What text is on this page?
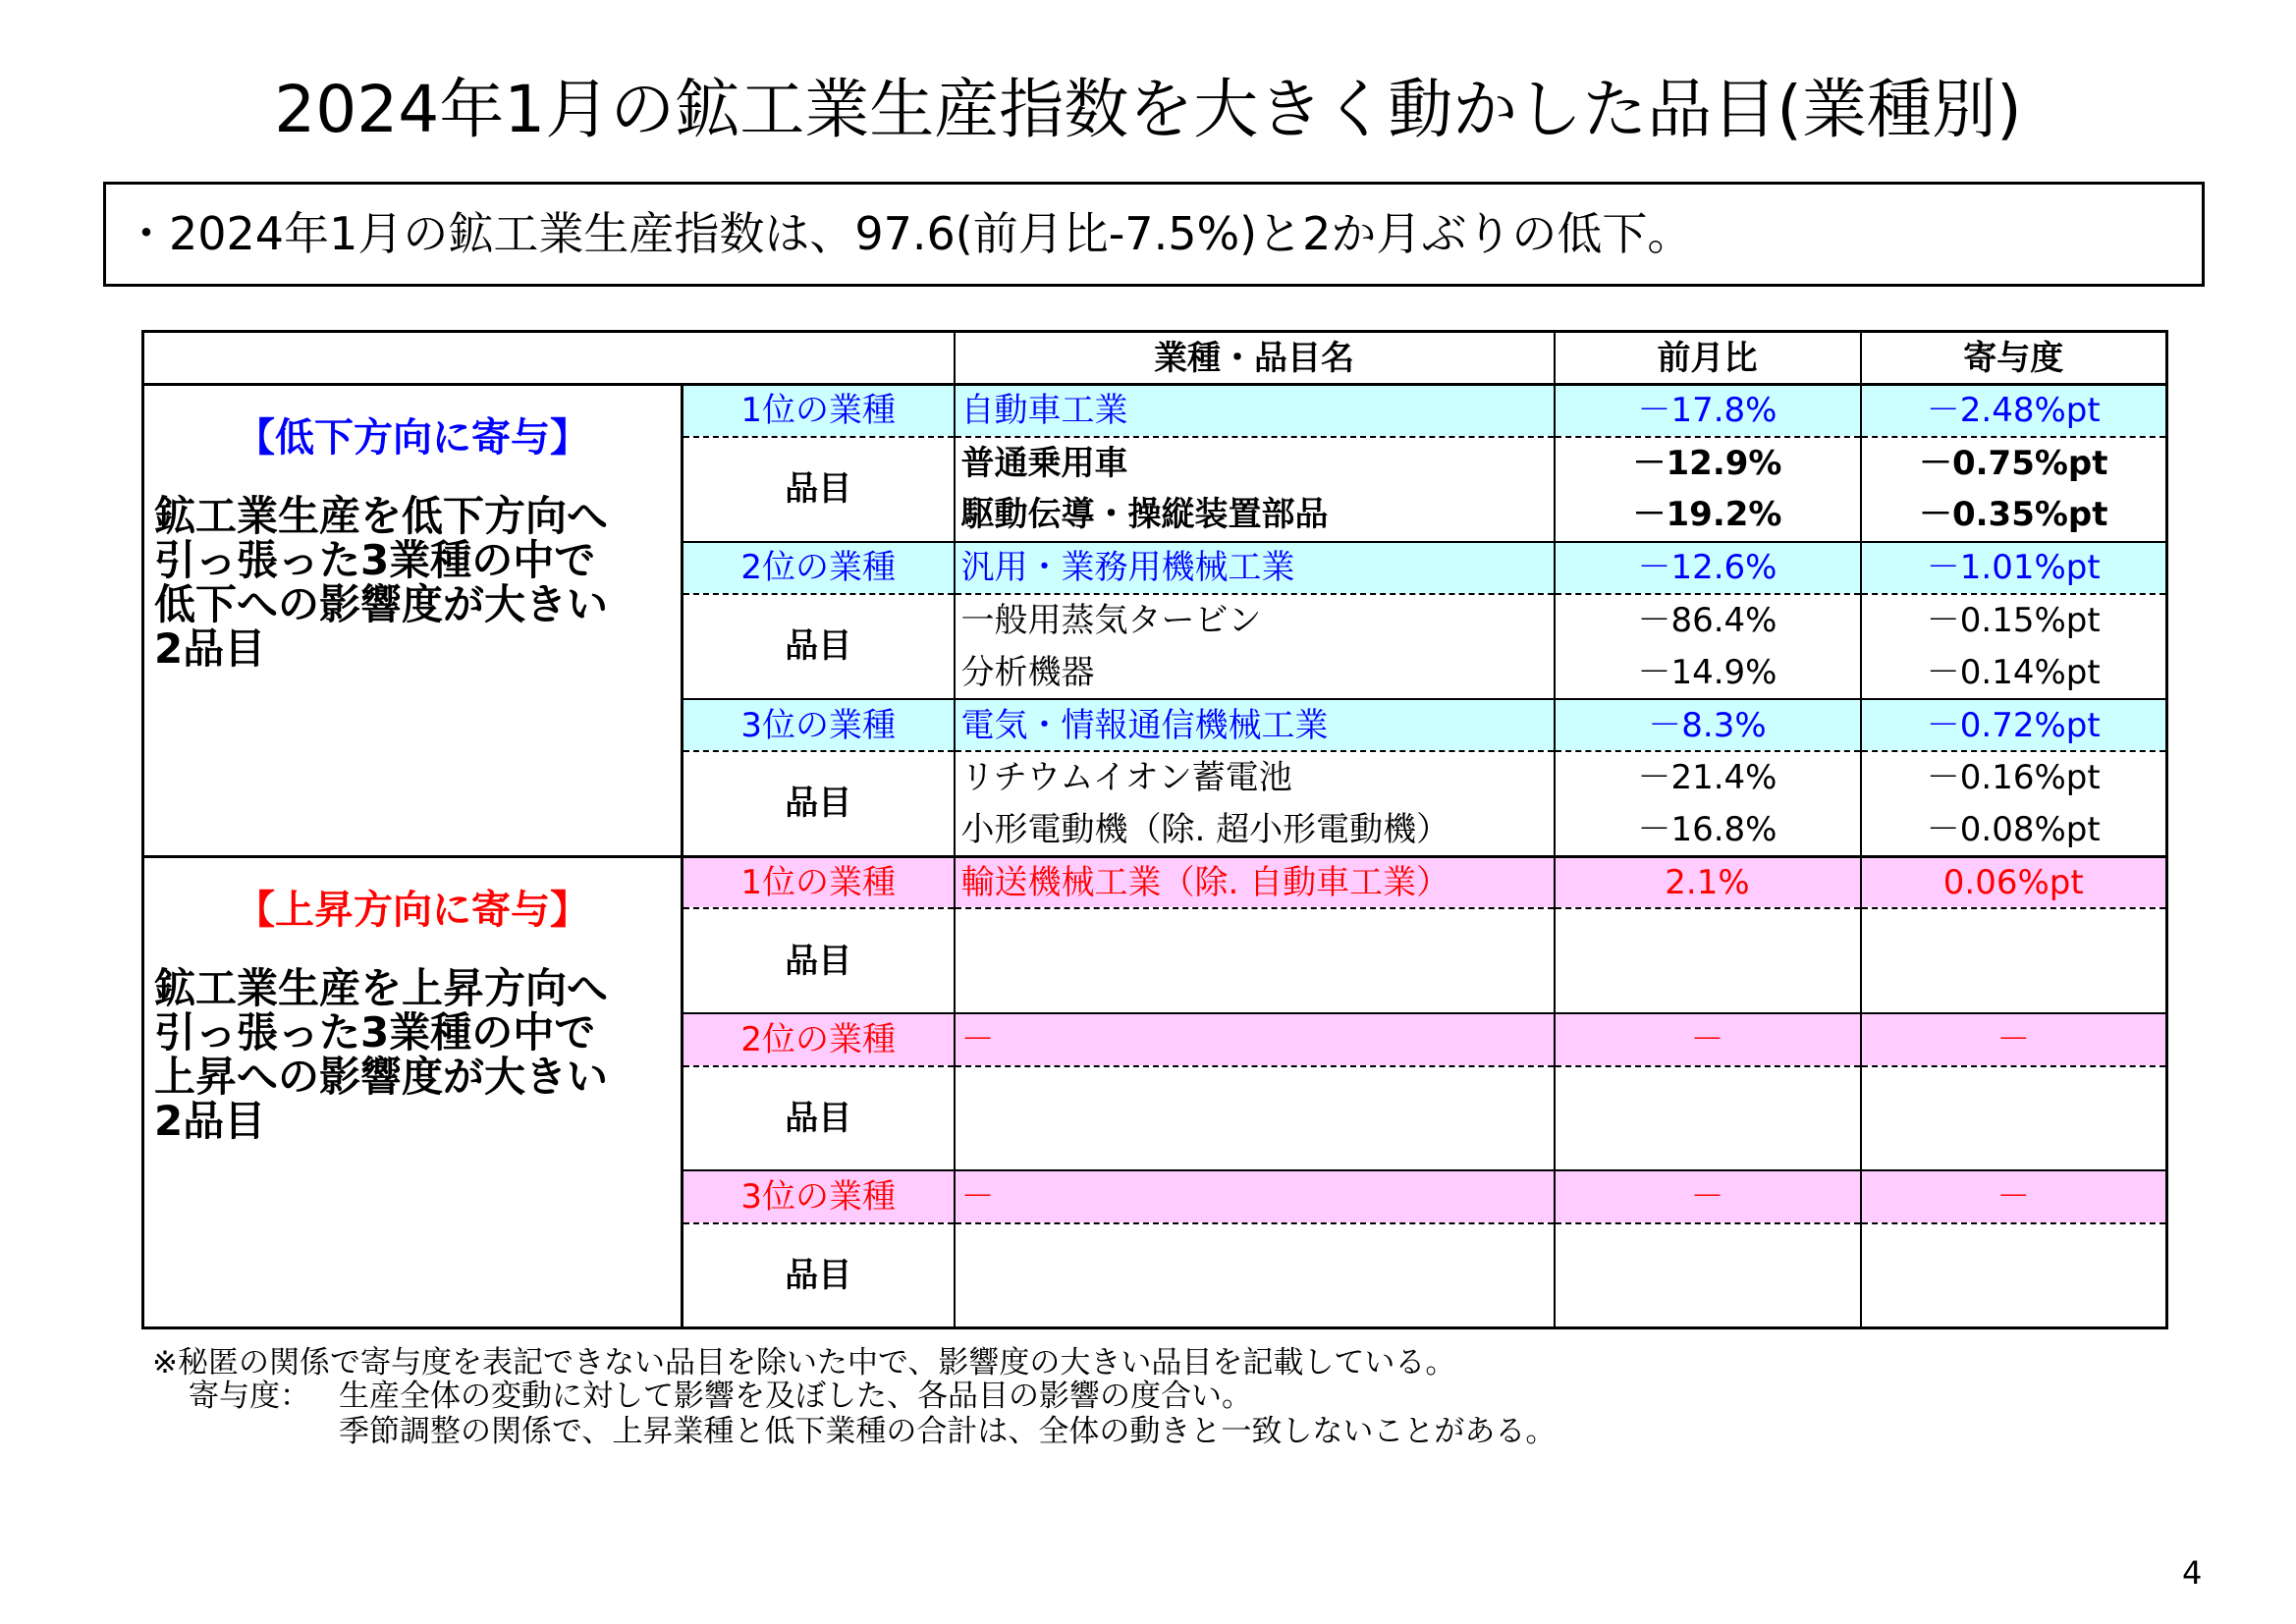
2024年1月の鉱工業生産指数を大きく動かした品目(業種別)
・2024年1月の鉱工業生産指数は、97.6(前月比-7.5%)と2か月ぶりの低下。
		業種・品目名	前月比	寄与度

【低下方向に寄与】
鉱工業生産を低下方向へ
引っ張った3業種の中で
低下への影響度が大きい
2品目	1位の業種	自動車工業	－17.8%	－2.48%pt
	品目	普通乗用車	－12.9%	－0.75%pt
		駆動伝導・操縦装置部品	－19.2%	－0.35%pt
	2位の業種	汎用・業務用機械工業	－12.6%	－1.01%pt
	品目	一般用蒸気タービン	－86.4%	－0.15%pt
		分析機器	－14.9%	－0.14%pt
	3位の業種	電気・情報通信機械工業	－8.3%	－0.72%pt
	品目	リチウムイオン蓄電池	－21.4%	－0.16%pt
		小形電動機（除. 超小形電動機）	－16.8%	－0.08%pt

【上昇方向に寄与】
鉱工業生産を上昇方向へ
引っ張った3業種の中で
上昇への影響度が大きい
2品目	1位の業種	輸送機械工業（除. 自動車工業）	2.1%	0.06%pt
	品目			

	2位の業種	－	－	－
	品目			

	3位の業種	－	－	－
	品目			

※秘匿の関係で寄与度を表記できない品目を除いた中で、影響度の大きい品目を記載している。
寄与度： 生産全体の変動に対して影響を及ぼした、各品目の影響の度合い。
季節調整の関係で、上昇業種と低下業種の合計は、全体の動きと一致しないことがある。
4
